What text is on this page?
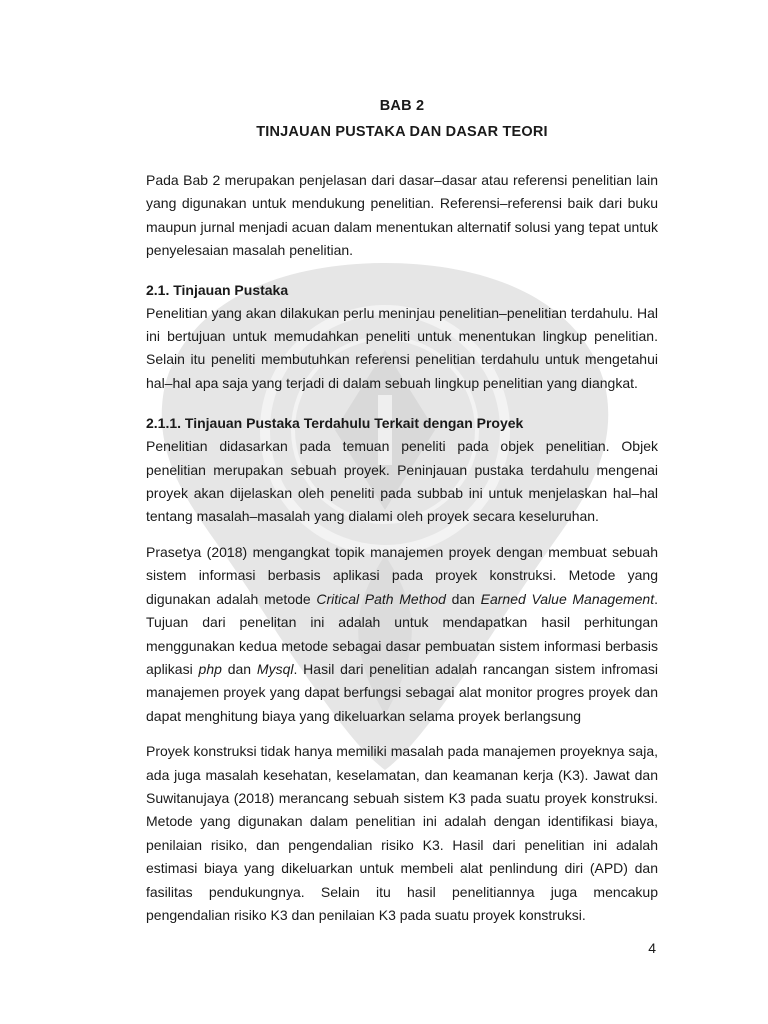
BAB 2
TINJAUAN PUSTAKA DAN DASAR TEORI

Pada Bab 2 merupakan penjelasan dari dasar–dasar atau referensi penelitian lain yang digunakan untuk mendukung penelitian. Referensi–referensi baik dari buku maupun jurnal menjadi acuan dalam menentukan alternatif solusi yang tepat untuk penyelesaian masalah penelitian.

2.1. Tinjauan Pustaka

Penelitian yang akan dilakukan perlu meninjau penelitian–penelitian terdahulu. Hal ini bertujuan untuk memudahkan peneliti untuk menentukan lingkup penelitian. Selain itu peneliti membutuhkan referensi penelitian terdahulu untuk mengetahui hal–hal apa saja yang terjadi di dalam sebuah lingkup penelitian yang diangkat.

2.1.1. Tinjauan Pustaka Terdahulu Terkait dengan Proyek

Penelitian didasarkan pada temuan peneliti pada objek penelitian. Objek penelitian merupakan sebuah proyek. Peninjauan pustaka terdahulu mengenai proyek akan dijelaskan oleh peneliti pada subbab ini untuk menjelaskan hal–hal tentang masalah–masalah yang dialami oleh proyek secara keseluruhan.

Prasetya (2018) mengangkat topik manajemen proyek dengan membuat sebuah sistem informasi berbasis aplikasi pada proyek konstruksi. Metode yang digunakan adalah metode Critical Path Method dan Earned Value Management. Tujuan dari penelitan ini adalah untuk mendapatkan hasil perhitungan menggunakan kedua metode sebagai dasar pembuatan sistem informasi berbasis aplikasi php dan Mysql. Hasil dari penelitian adalah rancangan sistem infromasi manajemen proyek yang dapat berfungsi sebagai alat monitor progres proyek dan dapat menghitung biaya yang dikeluarkan selama proyek berlangsung

Proyek konstruksi tidak hanya memiliki masalah pada manajemen proyeknya saja, ada juga masalah kesehatan, keselamatan, dan keamanan kerja (K3). Jawat dan Suwitanujaya (2018) merancang sebuah sistem K3 pada suatu proyek konstruksi. Metode yang digunakan dalam penelitian ini adalah dengan identifikasi biaya, penilaian risiko, dan pengendalian risiko K3. Hasil dari penelitian ini adalah estimasi biaya yang dikeluarkan untuk membeli alat penlindung diri (APD) dan fasilitas pendukungnya. Selain itu hasil penelitiannya juga mencakup pengendalian risiko K3 dan penilaian K3 pada suatu proyek konstruksi.

4
